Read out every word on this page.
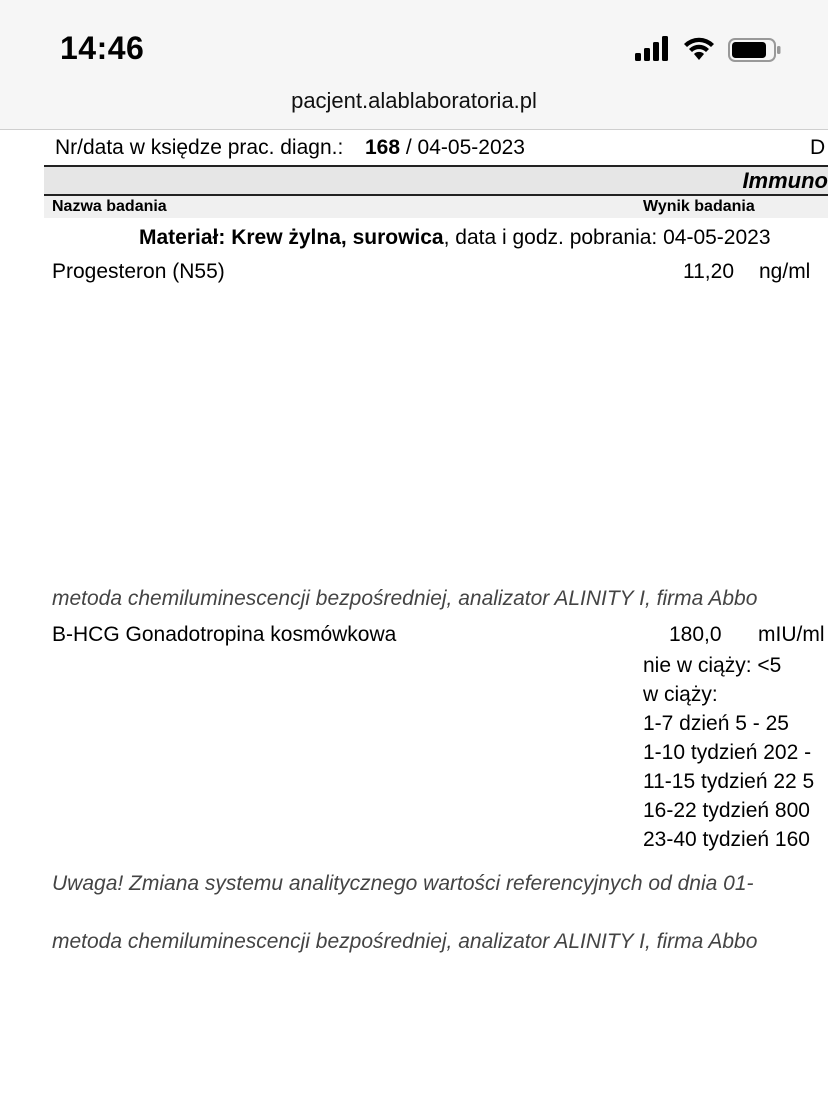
14:46
pacjent.alablaboratoria.pl
Nr/data w księdze prac. diagn.: 168 / 04-05-2023	D
Immuno
Nazwa badania	Wynik badania
Materiał: Krew żylna, surowica, data i godz. pobrania: 04-05-2023
Progesteron (N55)	11,20 ng/ml
metoda chemiluminescencji bezpośredniej, analizator ALINITY I, firma Abbo
B-HCG Gonadotropina kosmówkowa	180,0 mIU/ml
nie w ciąży: <5
w ciąży:
1-7 dzień 5 - 25
1-10 tydzień 202 -
11-15 tydzień 22 5
16-22 tydzień 800
23-40 tydzień 160
Uwaga! Zmiana systemu analitycznego wartości referencyjnych od dnia 01-
metoda chemiluminescencji bezpośredniej, analizator ALINITY I, firma Abbo
